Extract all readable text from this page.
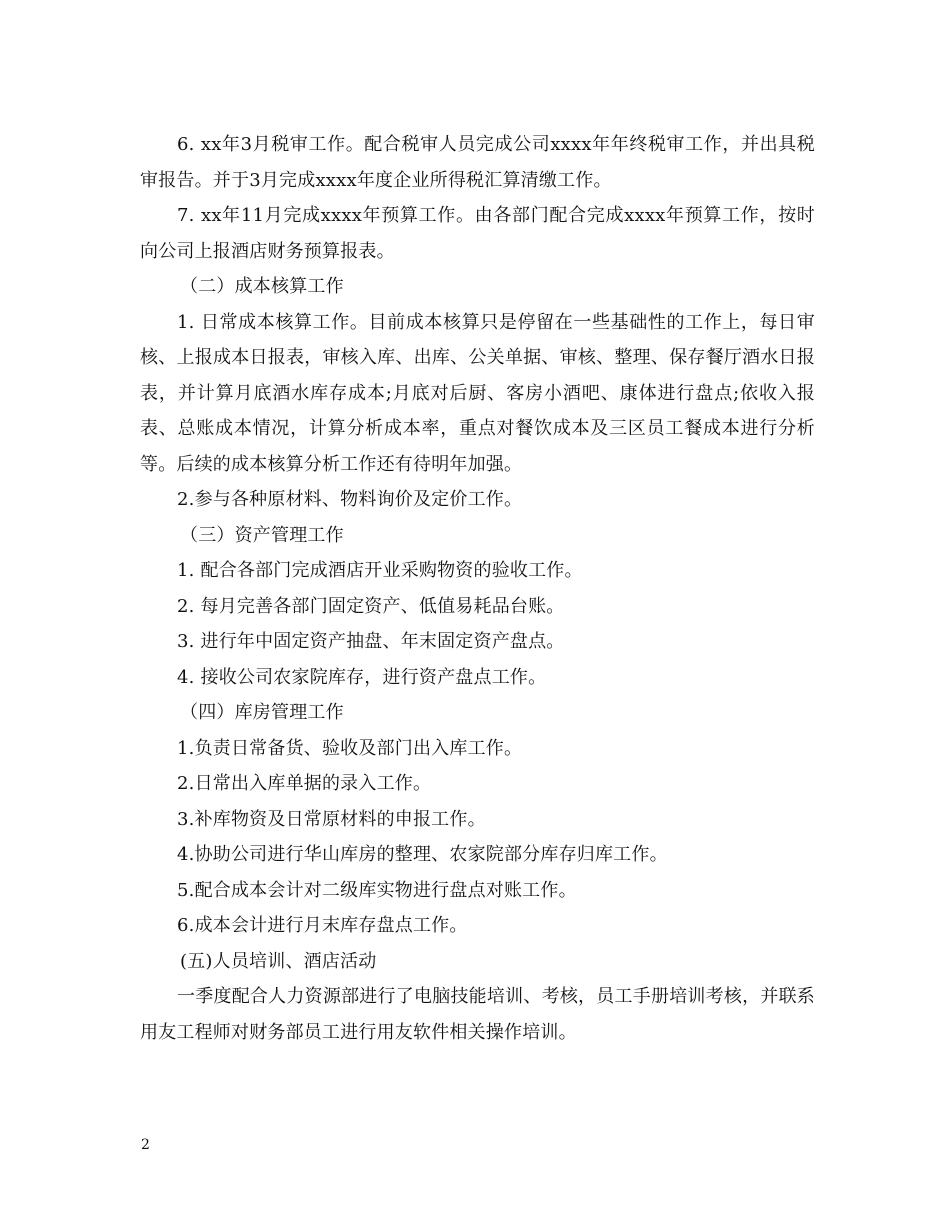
6. xx年3月税审工作。配合税审人员完成公司xxxx年年终税审工作，并出具税审报告。并于3月完成xxxx年度企业所得税汇算清缴工作。

7. xx年11月完成xxxx年预算工作。由各部门配合完成xxxx年预算工作，按时向公司上报酒店财务预算报表。

（二）成本核算工作

1. 日常成本核算工作。目前成本核算只是停留在一些基础性的工作上，每日审核、上报成本日报表，审核入库、出库、公关单据、审核、整理、保存餐厅酒水日报表，并计算月底酒水库存成本;月底对后厨、客房小酒吧、康体进行盘点;依收入报表、总账成本情况，计算分析成本率，重点对餐饮成本及三区员工餐成本进行分析等。后续的成本核算分析工作还有待明年加强。

2.参与各种原材料、物料询价及定价工作。

（三）资产管理工作

1. 配合各部门完成酒店开业采购物资的验收工作。

2. 每月完善各部门固定资产、低值易耗品台账。

3. 进行年中固定资产抽盘、年末固定资产盘点。

4. 接收公司农家院库存，进行资产盘点工作。

（四）库房管理工作

1.负责日常备货、验收及部门出入库工作。

2.日常出入库单据的录入工作。

3.补库物资及日常原材料的申报工作。

4.协助公司进行华山库房的整理、农家院部分库存归库工作。

5.配合成本会计对二级库实物进行盘点对账工作。

6.成本会计进行月末库存盘点工作。

(五)人员培训、酒店活动

一季度配合人力资源部进行了电脑技能培训、考核，员工手册培训考核，并联系用友工程师对财务部员工进行用友软件相关操作培训。

2
